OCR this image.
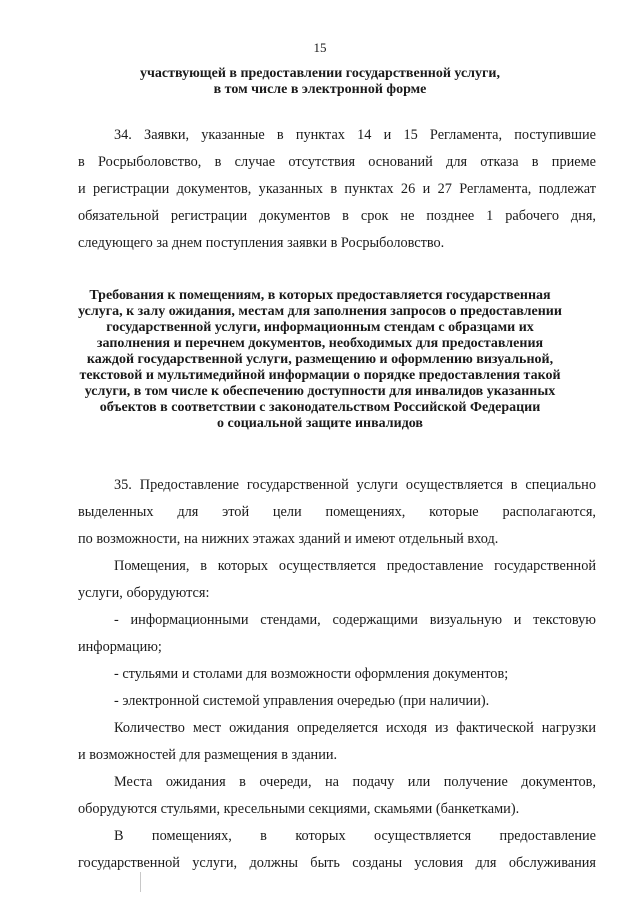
15
участвующей в предоставлении государственной услуги,
в том числе в электронной форме
34. Заявки, указанные в пунктах 14 и 15 Регламента, поступившие
в Росрыболовство, в случае отсутствия оснований для отказа в приеме
и регистрации документов, указанных в пунктах 26 и 27 Регламента, подлежат
обязательной регистрации документов в срок не позднее 1 рабочего дня,
следующего за днем поступления заявки в Росрыболовство.
Требования к помещениям, в которых предоставляется государственная
услуга, к залу ожидания, местам для заполнения запросов о предоставлении
государственной услуги, информационным стендам с образцами их
заполнения и перечнем документов, необходимых для предоставления
каждой государственной услуги, размещению и оформлению визуальной,
текстовой и мультимедийной информации о порядке предоставления такой
услуги, в том числе к обеспечению доступности для инвалидов указанных
объектов в соответствии с законодательством Российской Федерации
о социальной защите инвалидов
35. Предоставление государственной услуги осуществляется в специально
выделенных для этой цели помещениях, которые располагаются,
по возможности, на нижних этажах зданий и имеют отдельный вход.
Помещения, в которых осуществляется предоставление государственной
услуги, оборудуются:
- информационными стендами, содержащими визуальную и текстовую
информацию;
- стульями и столами для возможности оформления документов;
- электронной системой управления очередью (при наличии).
Количество мест ожидания определяется исходя из фактической нагрузки
и возможностей для размещения в здании.
Места ожидания в очереди, на подачу или получение документов,
оборудуются стульями, кресельными секциями, скамьями (банкетками).
В помещениях, в которых осуществляется предоставление
государственной услуги, должны быть созданы условия для обслуживания
